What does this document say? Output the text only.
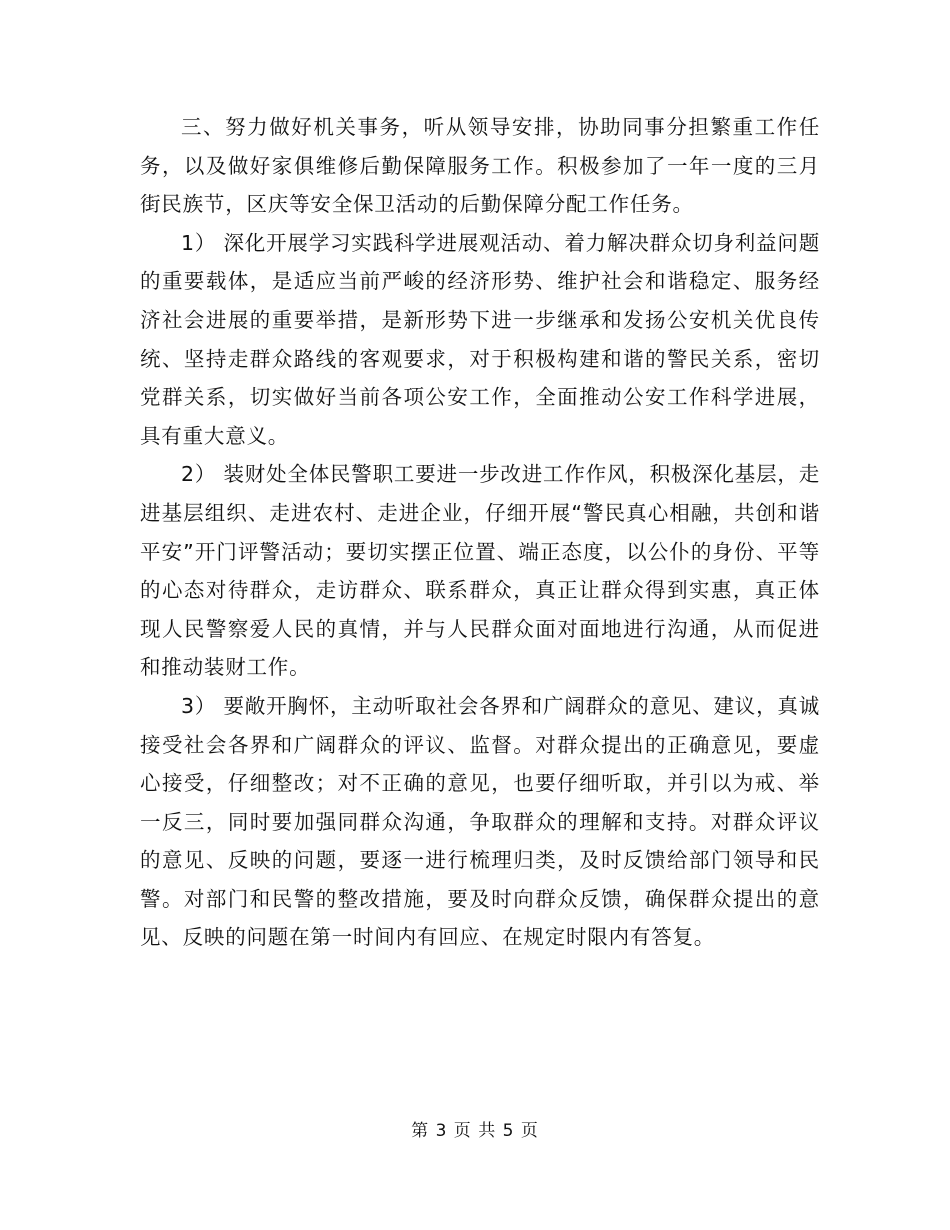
三、努力做好机关事务，听从领导安排，协助同事分担繁重工作任务，以及做好家俱维修后勤保障服务工作。积极参加了一年一度的三月街民族节，区庆等安全保卫活动的后勤保障分配工作任务。

1） 深化开展学习实践科学进展观活动、着力解决群众切身利益问题的重要载体，是适应当前严峻的经济形势、维护社会和谐稳定、服务经济社会进展的重要举措，是新形势下进一步继承和发扬公安机关优良传统、坚持走群众路线的客观要求，对于积极构建和谐的警民关系，密切党群关系，切实做好当前各项公安工作，全面推动公安工作科学进展，具有重大意义。

2） 装财处全体民警职工要进一步改进工作作风，积极深化基层，走进基层组织、走进农村、走进企业，仔细开展“警民真心相融，共创和谐平安”开门评警活动；要切实摆正位置、端正态度，以公仆的身份、平等的心态对待群众，走访群众、联系群众，真正让群众得到实惠，真正体现人民警察爱人民的真情，并与人民群众面对面地进行沟通，从而促进和推动装财工作。

3） 要敞开胸怀，主动听取社会各界和广阔群众的意见、建议，真诚接受社会各界和广阔群众的评议、监督。对群众提出的正确意见，要虚心接受，仔细整改；对不正确的意见，也要仔细听取，并引以为戒、举一反三，同时要加强同群众沟通，争取群众的理解和支持。对群众评议的意见、反映的问题，要逐一进行梳理归类，及时反馈给部门领导和民警。对部门和民警的整改措施，要及时向群众反馈，确保群众提出的意见、反映的问题在第一时间内有回应、在规定时限内有答复。

第 3 页 共 5 页
